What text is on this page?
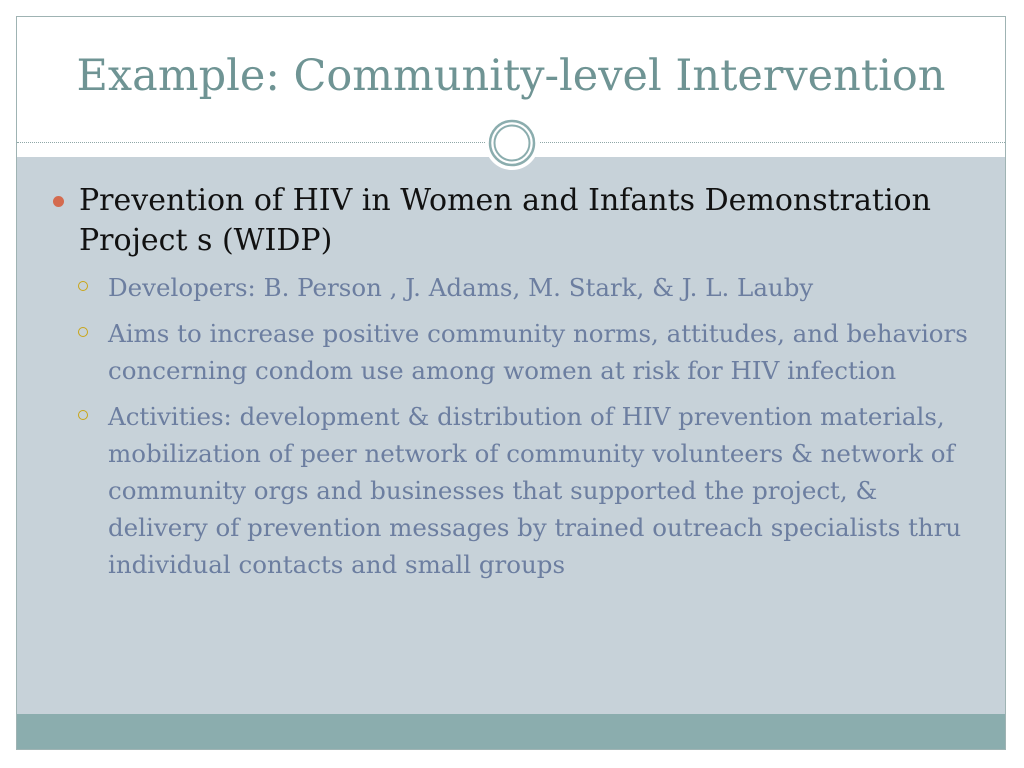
Example: Community-level Intervention
Prevention of HIV in Women and Infants Demonstration Project s (WIDP)
Developers: B. Person , J. Adams, M. Stark, & J. L. Lauby
Aims to increase positive community norms, attitudes, and behaviors concerning condom use among women at risk for HIV infection
Activities: development & distribution of HIV prevention materials, mobilization of peer network of community volunteers & network of community orgs and businesses that supported the project, & delivery of prevention messages by trained outreach specialists thru individual contacts and small groups
